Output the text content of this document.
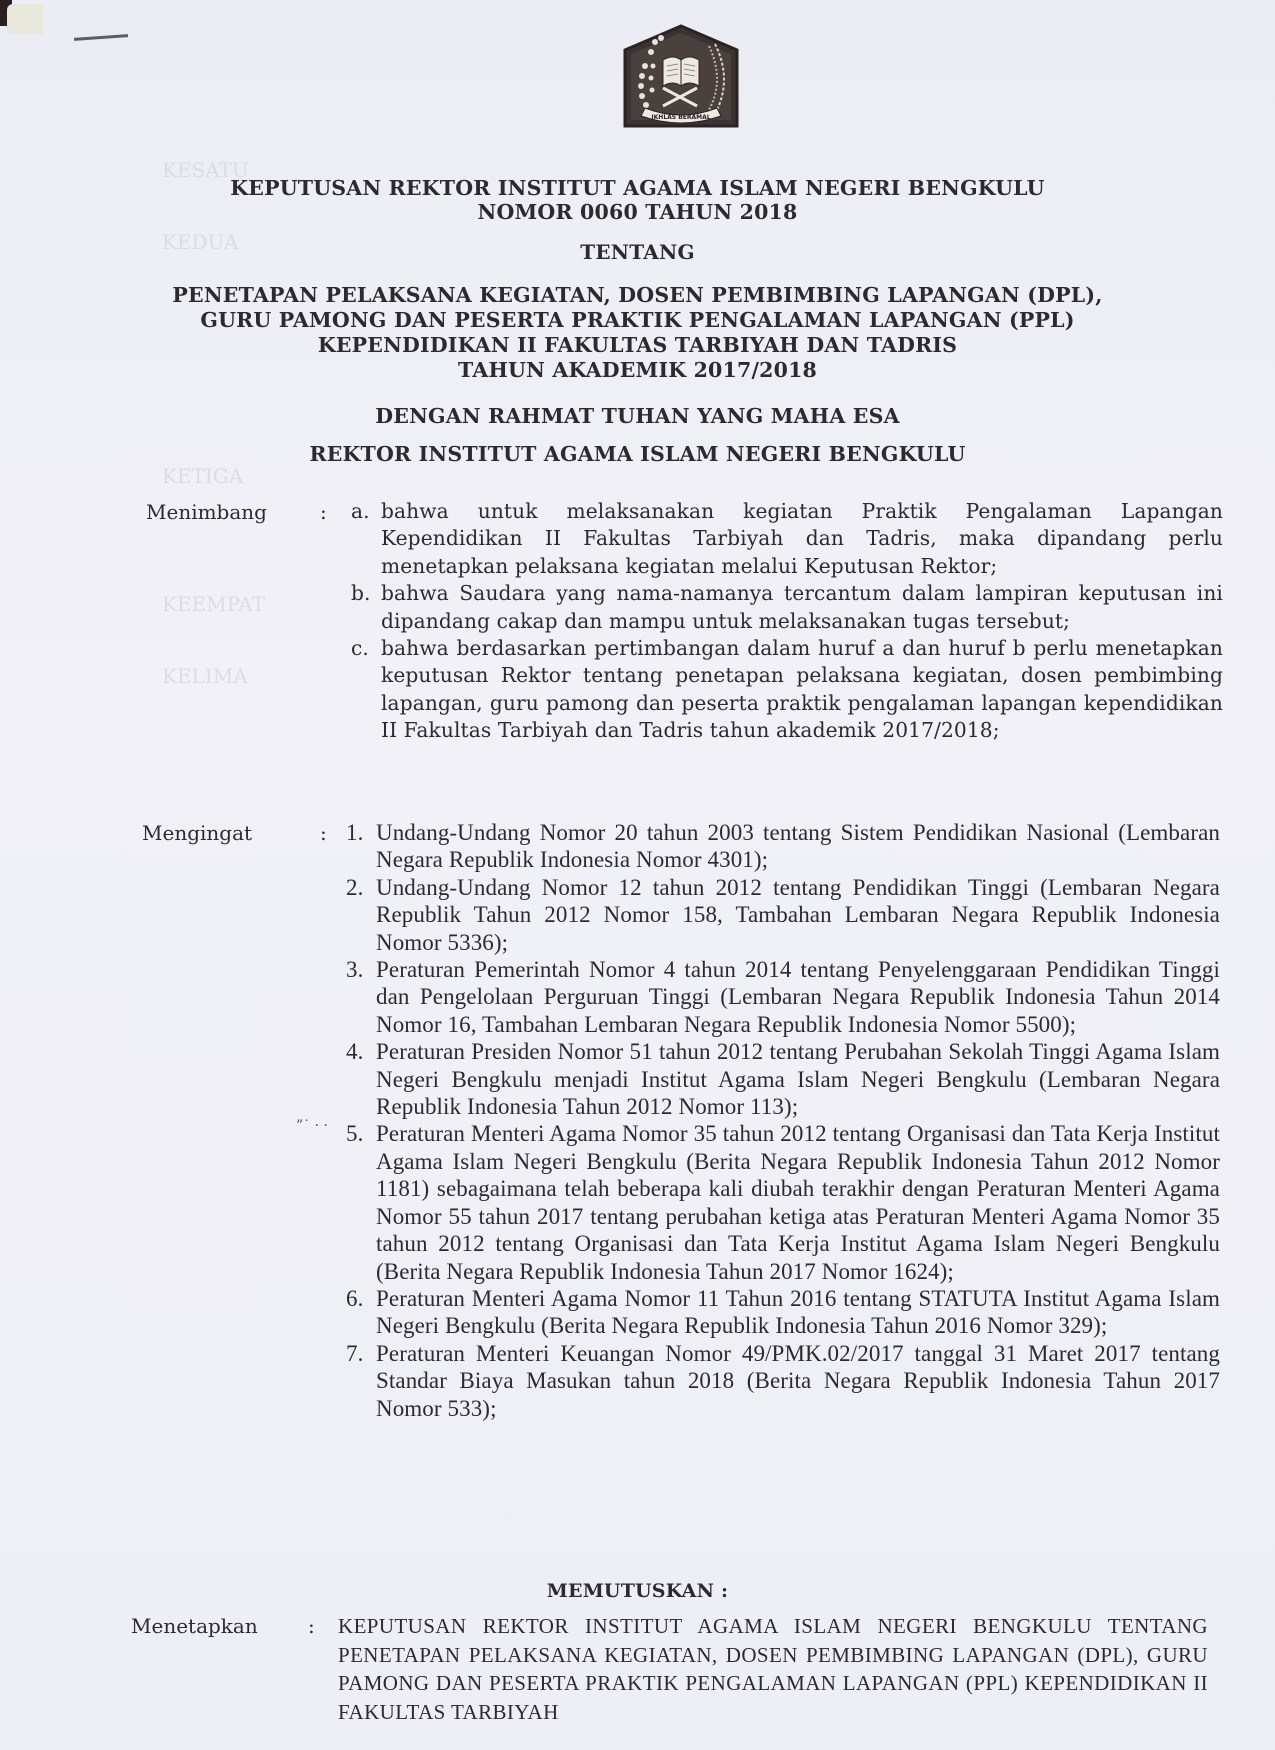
KESATU
KEDUA
KETIGA
KEEMPAT
KELIMA
IKHLAS BERAMAL
KEPUTUSAN REKTOR INSTITUT AGAMA ISLAM NEGERI BENGKULU
NOMOR 0060 TAHUN 2018
TENTANG
PENETAPAN PELAKSANA KEGIATAN, DOSEN PEMBIMBING LAPANGAN (DPL),
GURU PAMONG DAN PESERTA PRAKTIK PENGALAMAN LAPANGAN (PPL)
KEPENDIDIKAN II FAKULTAS TARBIYAH DAN TADRIS
TAHUN AKADEMIK 2017/2018
DENGAN RAHMAT TUHAN YANG MAHA ESA
REKTOR INSTITUT AGAMA ISLAM NEGERI BENGKULU
Menimbang	: a. bahwa untuk melaksanakan kegiatan Praktik Pengalaman Lapangan Kependidikan II Fakultas Tarbiyah dan Tadris, maka dipandang perlu menetapkan pelaksana kegiatan melalui Keputusan Rektor;

b. bahwa Saudara yang nama-namanya tercantum dalam lampiran keputusan ini dipandang cakap dan mampu untuk melaksanakan tugas tersebut;

c. bahwa berdasarkan pertimbangan dalam huruf a dan huruf b perlu menetapkan keputusan Rektor tentang penetapan pelaksana kegiatan, dosen pembimbing lapangan, guru pamong dan peserta praktik pengalaman lapangan kependidikan II Fakultas Tarbiyah dan Tadris tahun akademik 2017/2018;

Mengingat	: 1. Undang-Undang Nomor 20 tahun 2003 tentang Sistem Pendidikan Nasional (Lembaran Negara Republik Indonesia Nomor 4301);

2. Undang-Undang Nomor 12 tahun 2012 tentang Pendidikan Tinggi (Lembaran Negara Republik Tahun 2012 Nomor 158, Tambahan Lembaran Negara Republik Indonesia Nomor 5336);

3. Peraturan Pemerintah Nomor 4 tahun 2014 tentang Penyelenggaraan Pendidikan Tinggi dan Pengelolaan Perguruan Tinggi (Lembaran Negara Republik Indonesia Tahun 2014 Nomor 16, Tambahan Lembaran Negara Republik Indonesia Nomor 5500);

4. Peraturan Presiden Nomor 51 tahun 2012 tentang Perubahan Sekolah Tinggi Agama Islam Negeri Bengkulu menjadi Institut Agama Islam Negeri Bengkulu (Lembaran Negara Republik Indonesia Tahun 2012 Nomor 113);

5. Peraturan Menteri Agama Nomor 35 tahun 2012 tentang Organisasi dan Tata Kerja Institut Agama Islam Negeri Bengkulu (Berita Negara Republik Indonesia Tahun 2012 Nomor 1181) sebagaimana telah beberapa kali diubah terakhir dengan Peraturan Menteri Agama Nomor 55 tahun 2017 tentang perubahan ketiga atas Peraturan Menteri Agama Nomor 35 tahun 2012 tentang Organisasi dan Tata Kerja Institut Agama Islam Negeri Bengkulu (Berita Negara Republik Indonesia Tahun 2017 Nomor 1624);

6. Peraturan Menteri Agama Nomor 11 Tahun 2016 tentang STATUTA Institut Agama Islam Negeri Bengkulu (Berita Negara Republik Indonesia Tahun 2016 Nomor 329);

7. Peraturan Menteri Keuangan Nomor 49/PMK.02/2017 tanggal 31 Maret 2017 tentang Standar Biaya Masukan tahun 2018 (Berita Negara Republik Indonesia Tahun 2017 Nomor 533);

”˙ · ·
MEMUTUSKAN :
Menetapkan	: KEPUTUSAN REKTOR INSTITUT AGAMA ISLAM NEGERI BENGKULU TENTANG PENETAPAN PELAKSANA KEGIATAN, DOSEN PEMBIMBING LAPANGAN (DPL), GURU PAMONG DAN PESERTA PRAKTIK PENGALAMAN LAPANGAN (PPL) KEPENDIDIKAN II FAKULTAS TARBIYAH
